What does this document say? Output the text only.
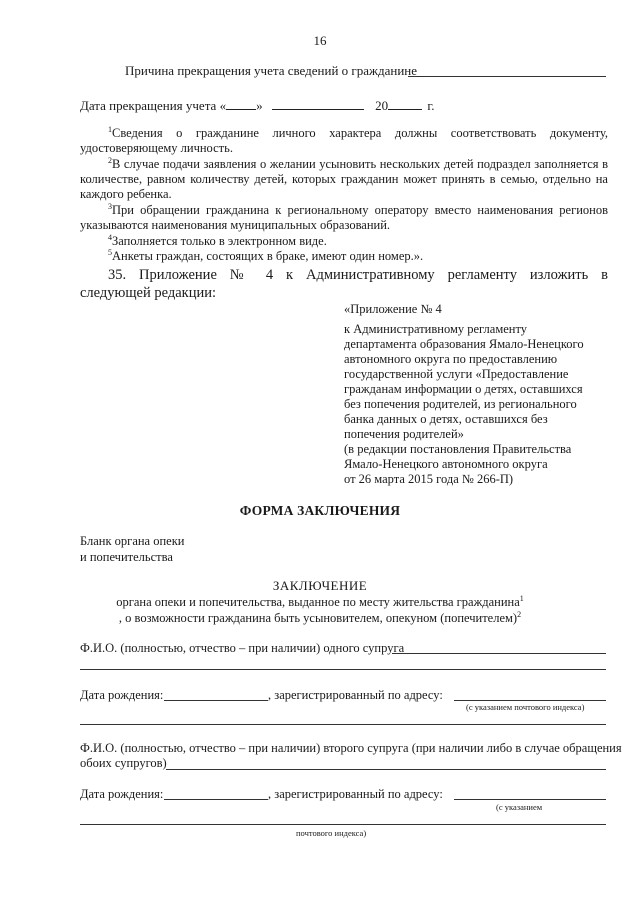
16
Причина прекращения учета сведений о гражданине
Дата прекращения учета « »	20	г.
$^1$Сведения о гражданине личного характера должны соответствовать документу, удостоверяющему личность.
$^2$В случае подачи заявления о желании усыновить нескольких детей подраздел заполняется в количестве, равном количеству детей, которых гражданин может принять в семью, отдельно на каждого ребенка.
$^3$При обращении гражданина к региональному оператору вместо наименования регионов указываются наименования муниципальных образований.
$^4$Заполняется только в электронном виде.
$^5$Анкеты граждан, состоящих в браке, имеют один номер.».
35. Приложение № 4 к Административному регламенту изложить в
следующей редакции:
«Приложение № 4
к Административному регламенту
департамента образования Ямало-Ненецкого
автономного округа по предоставлению
государственной услуги «Предоставление
гражданам информации о детях, оставшихся
без попечения родителей, из регионального
банка данных о детях, оставшихся без
попечения родителей»
(в редакции постановления Правительства
Ямало-Ненецкого автономного округа
от 26 марта 2015 года № 266-П)
ФОРМА ЗАКЛЮЧЕНИЯ
Бланк органа опеки
и попечительства
ЗАКЛЮЧЕНИЕ
органа опеки и попечительства, выданное по месту жительства гражданина$^1$
, о возможности гражданина быть усыновителем, опекуном (попечителем)$^2$
Ф.И.О. (полностью, отчество – при наличии) одного супруга
Дата рождения:	, зарегистрированный по адресу:
(с указанием почтового индекса)
Ф.И.О. (полностью, отчество – при наличии) второго супруга (при наличии либо в случае обращения
обоих супругов)
Дата рождения:	, зарегистрированный по адресу:
(с указанием
почтового индекса)
